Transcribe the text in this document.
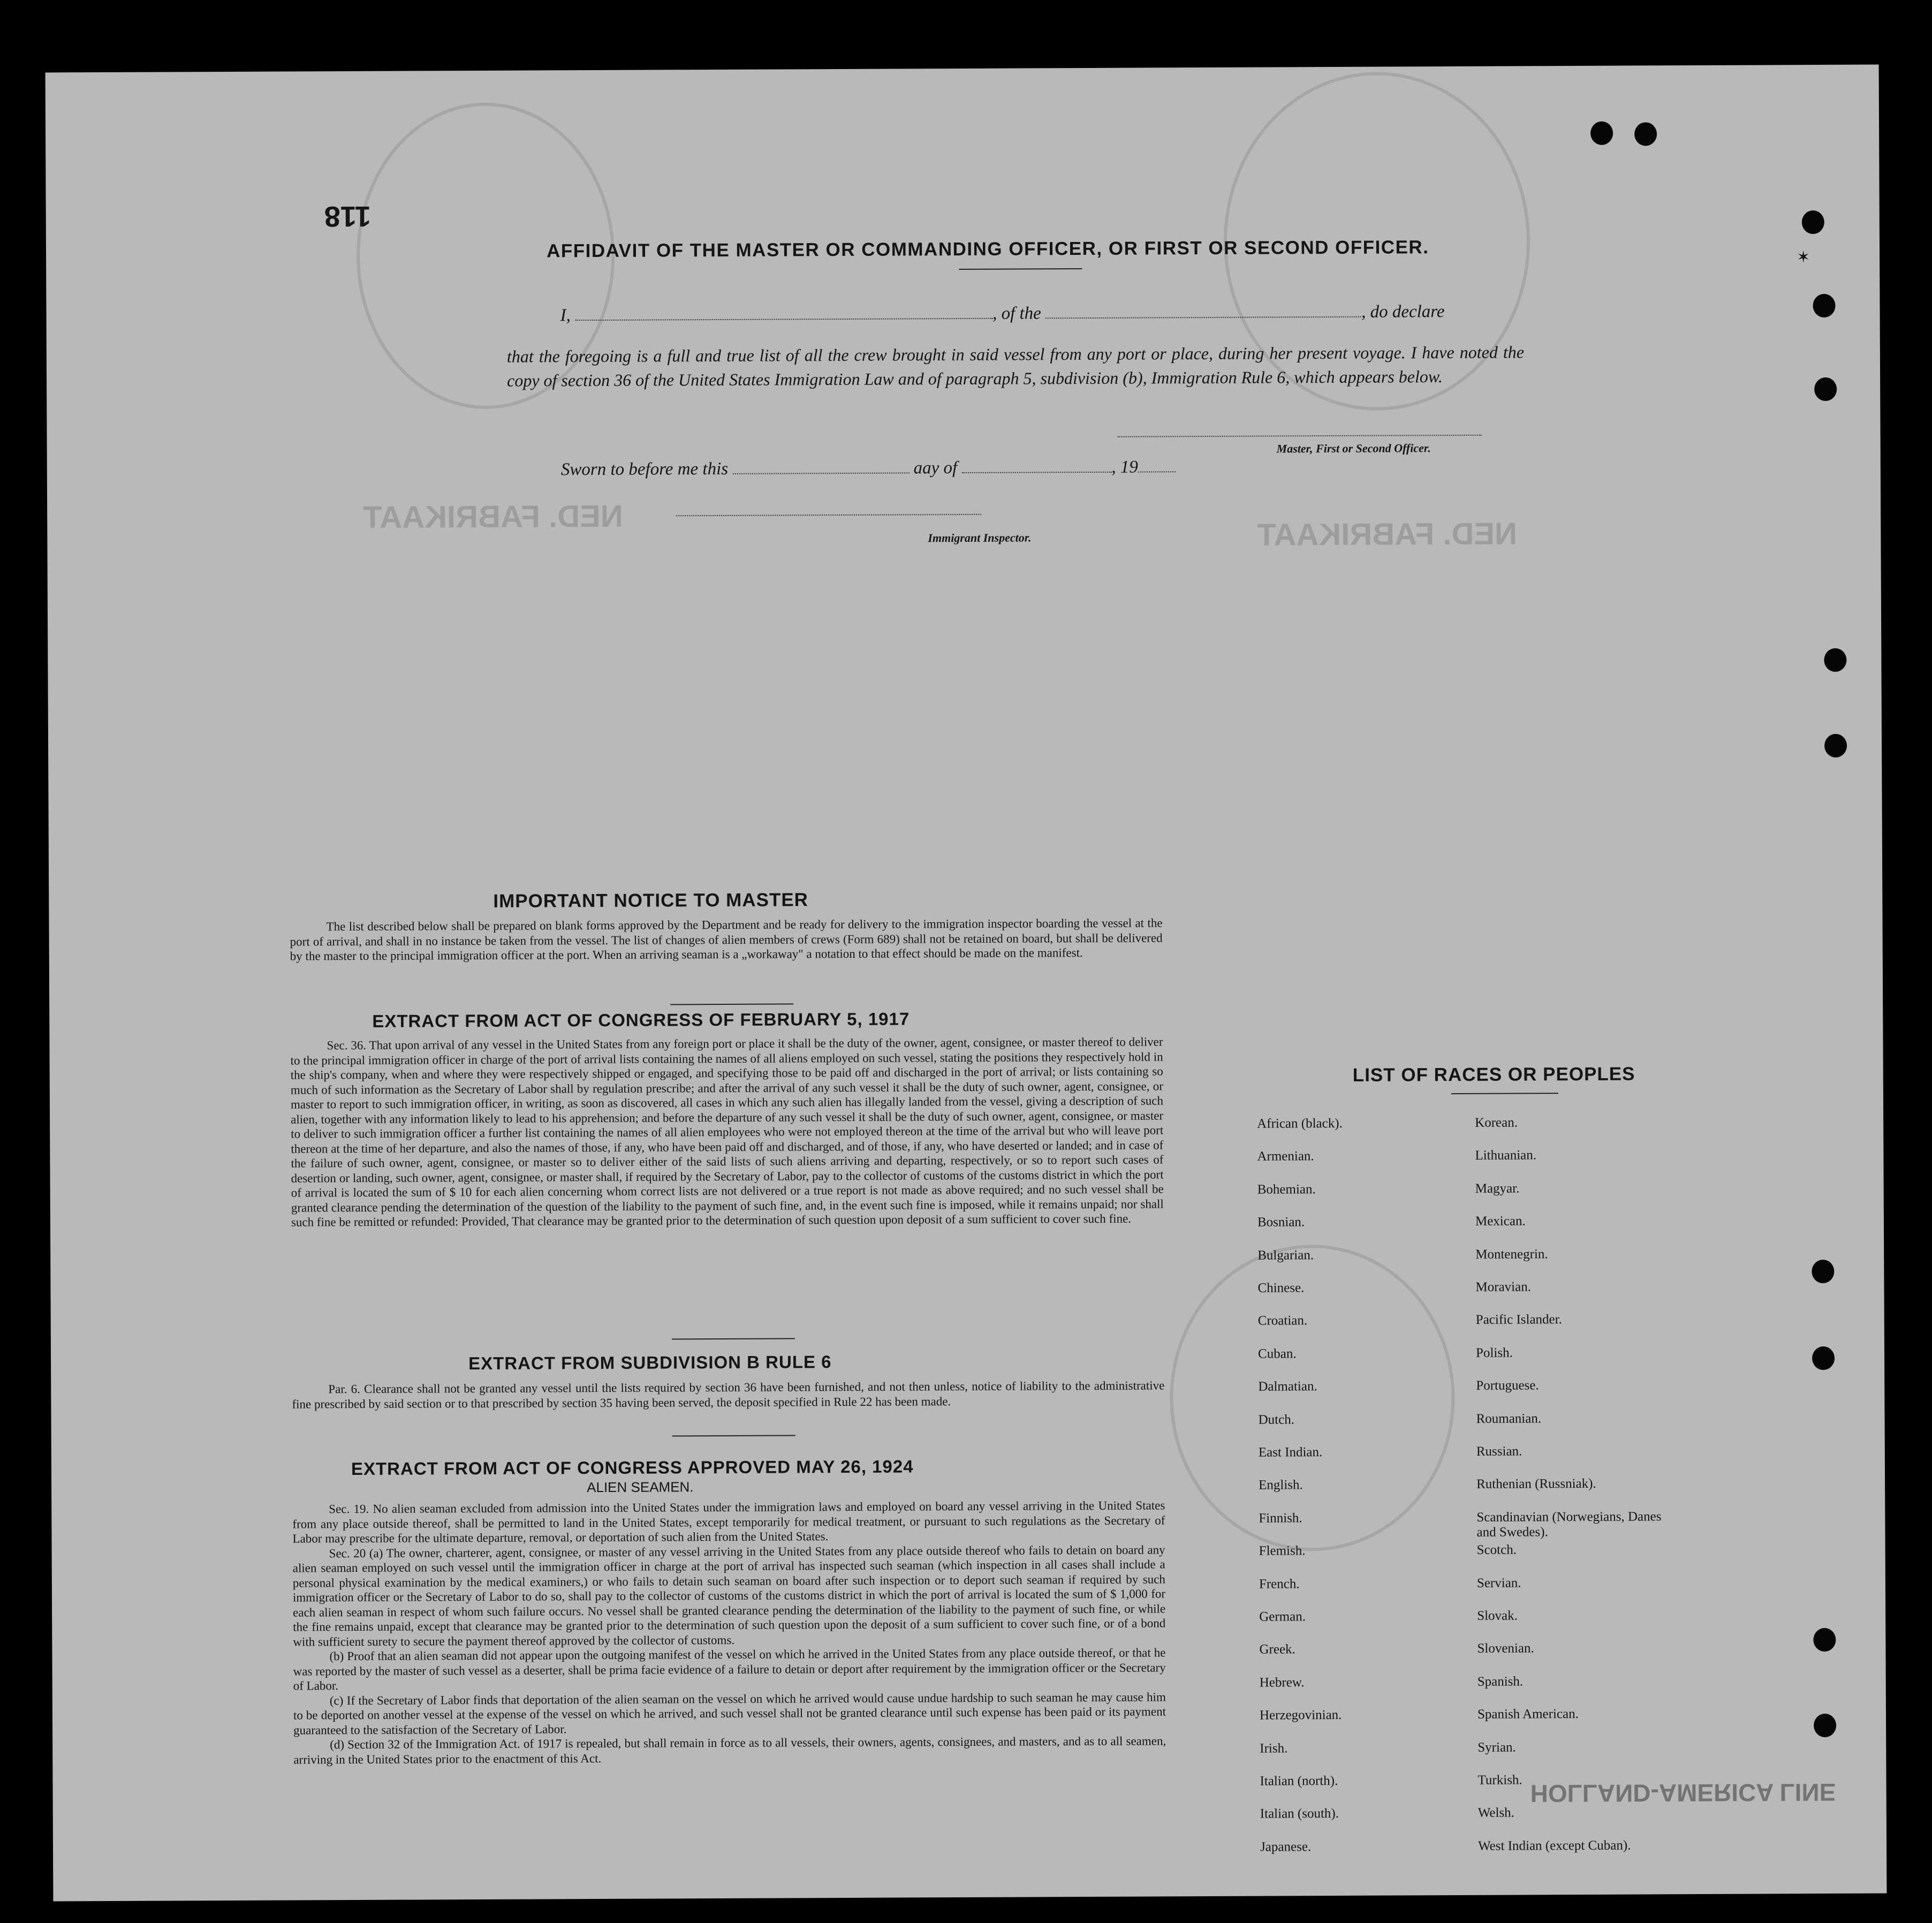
NED. FABRIKAAT	NED. FABRIKAAT
HOLLAND-AMERICA LINE
118
✶
AFFIDAVIT OF THE MASTER OR COMMANDING OFFICER, OR FIRST OR SECOND OFFICER.
I,	, of the	, do declare
that the foregoing is a full and true list of all the crew brought in said vessel from any port or place, during her present voyage. I have noted the copy of section 36 of the United States Immigration Law and of paragraph 5, subdivision (b), Immigration Rule 6, which appears below.
Master, First or Second Officer.
Sworn to before me this	aay of	, 19
Immigrant Inspector.
IMPORTANT NOTICE TO MASTER

The list described below shall be prepared on blank forms approved by the Department and be ready for delivery to the immigration inspector boarding the vessel at the port of arrival, and shall in no instance be taken from the vessel. The list of changes of alien members of crews (Form 689) shall not be retained on board, but shall be delivered by the master to the principal immigration officer at the port. When an arriving seaman is a „workaway" a notation to that effect should be made on the manifest.

EXTRACT FROM ACT OF CONGRESS OF FEBRUARY 5, 1917

Sec. 36. That upon arrival of any vessel in the United States from any foreign port or place it shall be the duty of the owner, agent, consignee, or master thereof to deliver to the principal immigration officer in charge of the port of arrival lists containing the names of all aliens employed on such vessel, stating the positions they respectively hold in the ship's company, when and where they were respectively shipped or engaged, and specifying those to be paid off and discharged in the port of arrival; or lists containing so much of such information as the Secretary of Labor shall by regulation prescribe; and after the arrival of any such vessel it shall be the duty of such owner, agent, consignee, or master to report to such immigration officer, in writing, as soon as discovered, all cases in which any such alien has illegally landed from the vessel, giving a description of such alien, together with any information likely to lead to his apprehension; and before the departure of any such vessel it shall be the duty of such owner, agent, consignee, or master to deliver to such immigration officer a further list containing the names of all alien employees who were not employed thereon at the time of the arrival but who will leave port thereon at the time of her departure, and also the names of those, if any, who have been paid off and discharged, and of those, if any, who have deserted or landed; and in case of the failure of such owner, agent, consignee, or master so to deliver either of the said lists of such aliens arriving and departing, respectively, or so to report such cases of desertion or landing, such owner, agent, consignee, or master shall, if required by the Secretary of Labor, pay to the collector of customs of the customs district in which the port of arrival is located the sum of $ 10 for each alien concerning whom correct lists are not delivered or a true report is not made as above required; and no such vessel shall be granted clearance pending the determination of the question of the liability to the payment of such fine, and, in the event such fine is imposed, while it remains unpaid; nor shall such fine be remitted or refunded: Provided, That clearance may be granted prior to the determination of such question upon deposit of a sum sufficient to cover such fine.

EXTRACT FROM SUBDIVISION B RULE 6

Par. 6. Clearance shall not be granted any vessel until the lists required by section 36 have been furnished, and not then unless, notice of liability to the administrative fine prescribed by said section or to that prescribed by section 35 having been served, the deposit specified in Rule 22 has been made.

EXTRACT FROM ACT OF CONGRESS APPROVED MAY 26, 1924
ALIEN SEAMEN.

Sec. 19. No alien seaman excluded from admission into the United States under the immigration laws and employed on board any vessel arriving in the United States from any place outside thereof, shall be permitted to land in the United States, except temporarily for medical treatment, or pursuant to such regulations as the Secretary of Labor may prescribe for the ultimate departure, removal, or deportation of such alien from the United States.

Sec. 20 (a) The owner, charterer, agent, consignee, or master of any vessel arriving in the United States from any place outside thereof who fails to detain on board any alien seaman employed on such vessel until the immigration officer in charge at the port of arrival has inspected such seaman (which inspection in all cases shall include a personal physical examination by the medical examiners,) or who fails to detain such seaman on board after such inspection or to deport such seaman if required by such immigration officer or the Secretary of Labor to do so, shall pay to the collector of customs of the customs district in which the port of arrival is located the sum of $ 1,000 for each alien seaman in respect of whom such failure occurs. No vessel shall be granted clearance pending the determination of the liability to the payment of such fine, or while the fine remains unpaid, except that clearance may be granted prior to the determination of such question upon the deposit of a sum sufficient to cover such fine, or of a bond with sufficient surety to secure the payment thereof approved by the collector of customs.

(b) Proof that an alien seaman did not appear upon the outgoing manifest of the vessel on which he arrived in the United States from any place outside thereof, or that he was reported by the master of such vessel as a deserter, shall be prima facie evidence of a failure to detain or deport after requirement by the immigration officer or the Secretary of Labor.

(c) If the Secretary of Labor finds that deportation of the alien seaman on the vessel on which he arrived would cause undue hardship to such seaman he may cause him to be deported on another vessel at the expense of the vessel on which he arrived, and such vessel shall not be granted clearance until such expense has been paid or its payment guaranteed to the satisfaction of the Secretary of Labor.

(d) Section 32 of the Immigration Act. of 1917 is repealed, but shall remain in force as to all vessels, their owners, agents, consignees, and masters, and as to all seamen, arriving in the United States prior to the enactment of this Act.

LIST OF RACES OR PEOPLES
African (black).
Armenian.
Bohemian.
Bosnian.
Bulgarian.
Chinese.
Croatian.
Cuban.
Dalmatian.
Dutch.
East Indian.
English.
Finnish.
Flemish.
French.
German.
Greek.
Hebrew.
Herzegovinian.
Irish.
Italian (north).
Italian (south).
Japanese.
Korean.
Lithuanian.
Magyar.
Mexican.
Montenegrin.
Moravian.
Pacific Islander.
Polish.
Portuguese.
Roumanian.
Russian.
Ruthenian (Russniak).
Scandinavian (Norwegians, Danes and Swedes).
Scotch.
Servian.
Slovak.
Slovenian.
Spanish.
Spanish American.
Syrian.
Turkish.
Welsh.
West Indian (except Cuban).
